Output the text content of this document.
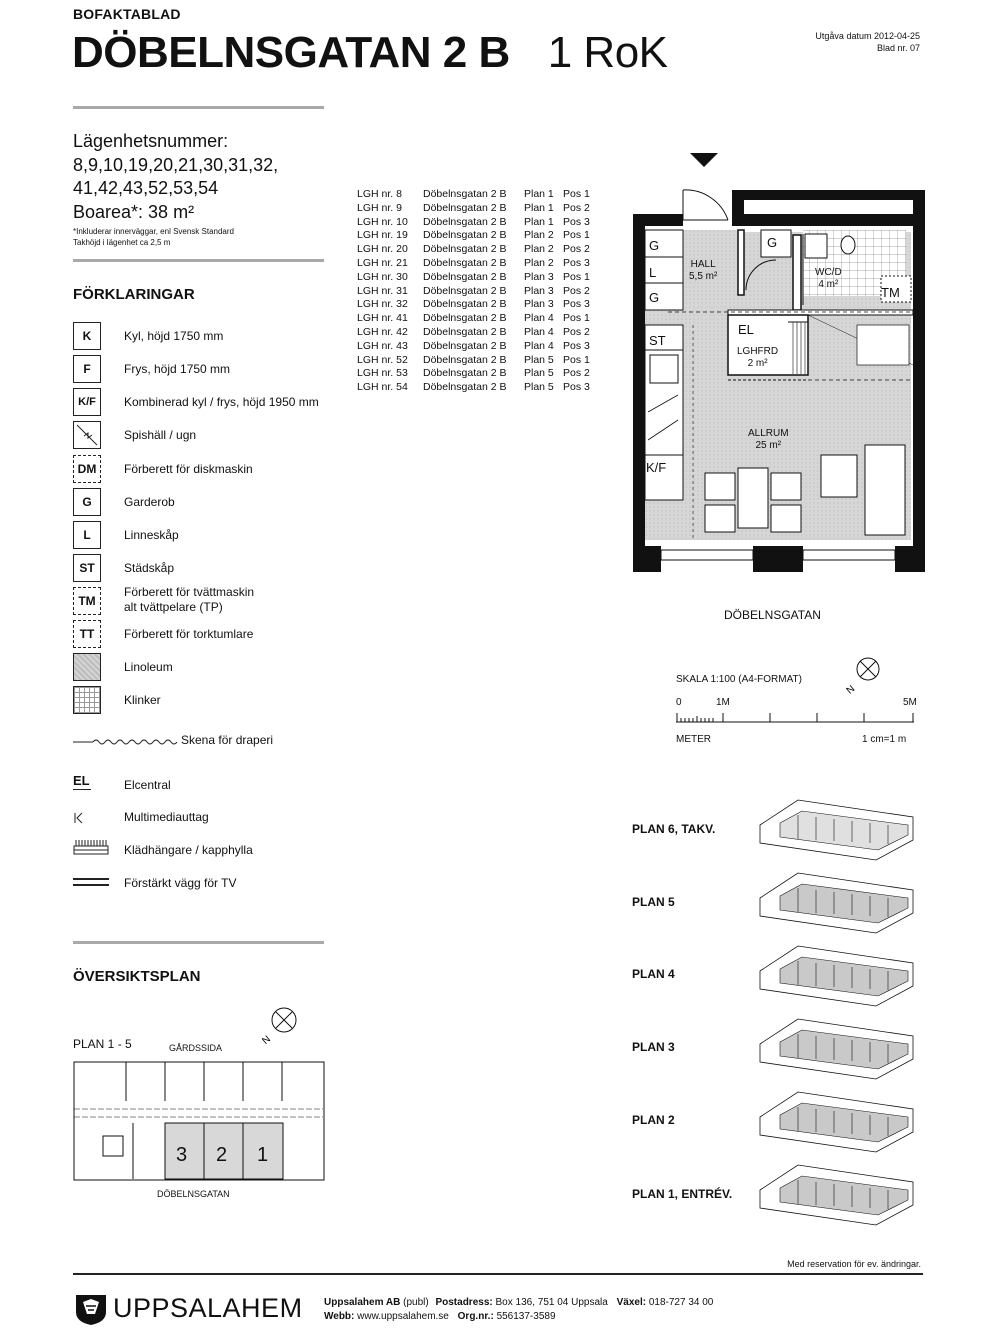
BOFAKTABLAD
DÖBELNSGATAN 2 B 1 RoK	Utgåva datum 2012-04-25
Blad nr. 07
Lägenhetsnummer:
8,9,10,19,20,21,30,31,32,
41,42,43,52,53,54
Boarea*: 38 m²
*Inkluderar innerväggar, enl Svensk Standard
Takhöjd i lägenhet ca 2,5 m
FÖRKLARINGAR
K	Kyl, höjd 1750 mm
F	Frys, höjd 1750 mm
K/F	Kombinerad kyl / frys, höjd 1950 mm
Spishäll / ugn
DM	Förberett för diskmaskin
G	Garderob
L	Linneskåp
ST	Städskåp
TM
Förberett för tvättmaskin
alt tvättpelare (TP)
TT	Förberett för torktumlare
Linoleum
Klinker
Skena för draperi
EL	Elcentral
Multimediauttag
Klädhängare / kapphylla
Förstärkt vägg för TV
LGH nr. 8	Döbelnsgatan 2 B	Plan 1 Pos 1
LGH nr. 9	Döbelnsgatan 2 B	Plan 1 Pos 2
LGH nr. 10	Döbelnsgatan 2 B	Plan 1 Pos 3
LGH nr. 19	Döbelnsgatan 2 B	Plan 2 Pos 1
LGH nr. 20	Döbelnsgatan 2 B	Plan 2 Pos 2
LGH nr. 21	Döbelnsgatan 2 B	Plan 2 Pos 3
LGH nr. 30	Döbelnsgatan 2 B	Plan 3 Pos 1
LGH nr. 31	Döbelnsgatan 2 B	Plan 3 Pos 2
LGH nr. 32	Döbelnsgatan 2 B	Plan 3 Pos 3
LGH nr. 41	Döbelnsgatan 2 B	Plan 4 Pos 1
LGH nr. 42	Döbelnsgatan 2 B	Plan 4 Pos 2
LGH nr. 43	Döbelnsgatan 2 B	Plan 4 Pos 3
LGH nr. 52	Döbelnsgatan 2 B	Plan 5 Pos 1
LGH nr. 53	Döbelnsgatan 2 B	Plan 5 Pos 2
LGH nr. 54	Döbelnsgatan 2 B	Plan 5 Pos 3
HALL
5,5 m²	WC/D
4 m²
LGHFRD
2 m²
ALLRUM
25 m²
G
L
G
G
TM
ST
K/F
EL
DÖBELNSGATAN
SKALA 1:100 (A4-FORMAT)
N
0	1M	5M
METER	1 cm=1 m
ÖVERSIKTSPLAN
PLAN 1 - 5	GÅRDSSIDA
N
3 2 1
DÖBELNSGATAN
PLAN 6, TAKV.
PLAN 5
PLAN 4
PLAN 3
PLAN 2
PLAN 1, ENTRÉV.
Med reservation för ev. ändringar.
UPPSALAHEM Uppsalahem AB (publ) Postadress: Box 136, 751 04 Uppsala Växel: 018-727 34 00
Webb: www.uppsalahem.se Org.nr.: 556137-3589
